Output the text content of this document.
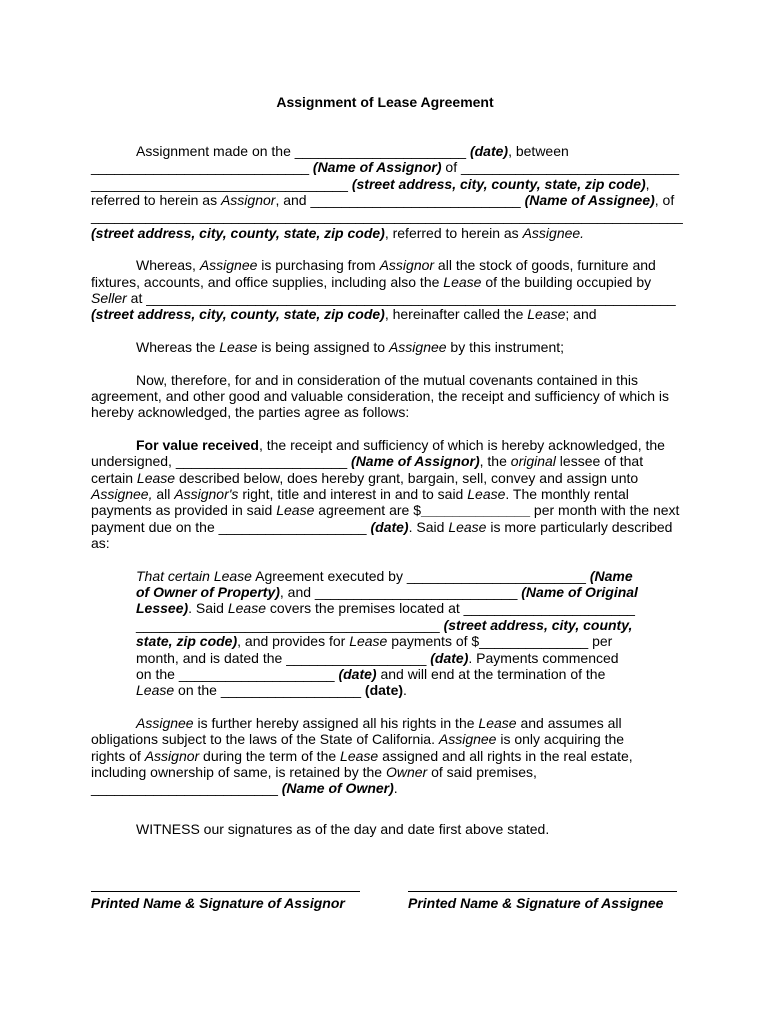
Assignment of Lease Agreement
Assignment made on the ______________________ (date), between
____________________________ (Name of Assignor) of ____________________________
_________________________________ (street address, city, county, state, zip code),
referred to herein as Assignor, and ___________________________ (Name of Assignee), of
____________________________________________________________________________
(street address, city, county, state, zip code), referred to herein as Assignee.
Whereas, Assignee is purchasing from Assignor all the stock of goods, furniture and
fixtures, accounts, and office supplies, including also the Lease of the building occupied by
Seller at ____________________________________________________________________
(street address, city, county, state, zip code), hereinafter called the Lease; and
Whereas the Lease is being assigned to Assignee by this instrument;
Now, therefore, for and in consideration of the mutual covenants contained in this
agreement, and other good and valuable consideration, the receipt and sufficiency of which is
hereby acknowledged, the parties agree as follows:
For value received, the receipt and sufficiency of which is hereby acknowledged, the
undersigned, ______________________ (Name of Assignor), the original lessee of that
certain Lease described below, does hereby grant, bargain, sell, convey and assign unto
Assignee, all Assignor's right, title and interest in and to said Lease. The monthly rental
payments as provided in said Lease agreement are $______________ per month with the next
payment due on the ___________________ (date). Said Lease is more particularly described
as:
That certain Lease Agreement executed by _______________________ (Name
of Owner of Property), and __________________________ (Name of Original
Lessee). Said Lease covers the premises located at ______________________
_______________________________________ (street address, city, county,
state, zip code), and provides for Lease payments of $______________ per
month, and is dated the __________________ (date). Payments commenced
on the ____________________ (date) and will end at the termination of the
Lease on the __________________ (date).
Assignee is further hereby assigned all his rights in the Lease and assumes all
obligations subject to the laws of the State of California. Assignee is only acquiring the
rights of Assignor during the term of the Lease assigned and all rights in the real estate,
including ownership of same, is retained by the Owner of said premises,
________________________ (Name of Owner).
WITNESS our signatures as of the day and date first above stated.
Printed Name & Signature of Assignor	Printed Name & Signature of Assignee
